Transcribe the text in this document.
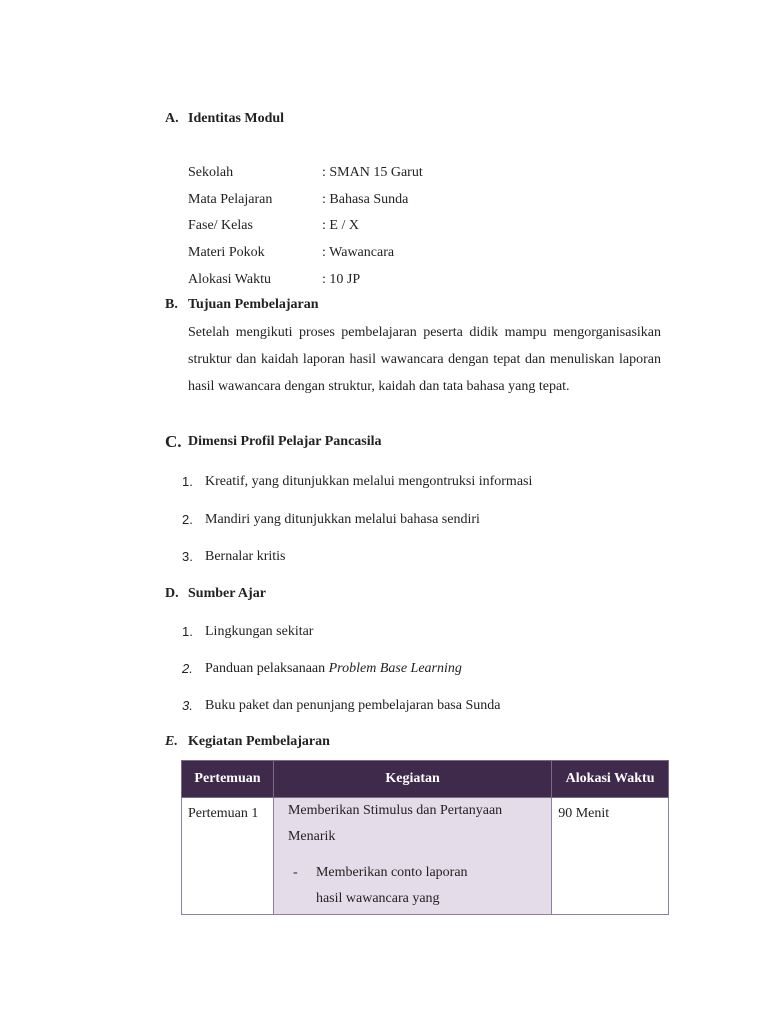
A. Identitas Modul
Sekolah	: SMAN 15 Garut
Mata Pelajaran	: Bahasa Sunda
Fase/ Kelas	: E / X
Materi Pokok	: Wawancara
Alokasi Waktu	: 10 JP
B. Tujuan Pembelajaran
Setelah mengikuti proses pembelajaran peserta didik mampu mengorganisasikan struktur dan kaidah laporan hasil wawancara dengan tepat dan menuliskan laporan hasil wawancara dengan struktur, kaidah dan tata bahasa yang tepat.
C. Dimensi Profil Pelajar Pancasila
1. Kreatif, yang ditunjukkan melalui mengontruksi informasi
2. Mandiri yang ditunjukkan melalui bahasa sendiri
3. Bernalar kritis
D. Sumber Ajar
1. Lingkungan sekitar
2. Panduan pelaksanaan Problem Base Learning
3. Buku paket dan penunjang pembelajaran basa Sunda
E. Kegiatan Pembelajaran
Pertemuan	Kegiatan	Alokasi Waktu
Pertemuan 1	Memberikan Stimulus dan Pertanyaan
Menarik
- Memberikan conto laporan
hasil wawancara yang	90 Menit
